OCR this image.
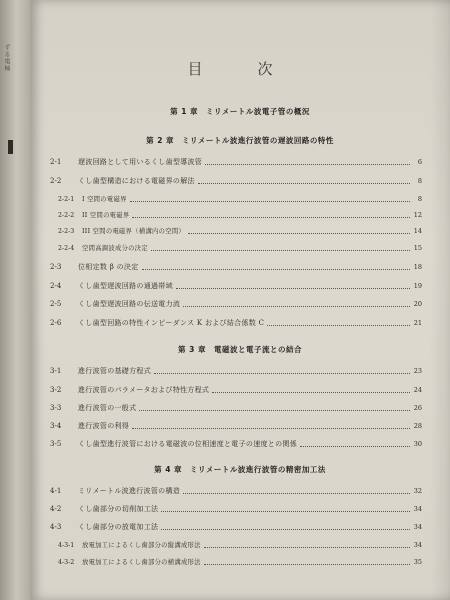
ずる電極	目　次
第 1 章　ミリメートル波電子管の概況
第 2 章　ミリメートル波進行波管の遅波回路の特性
2-1	遅波回路として用いるくし歯型導波管	6
2-2	くし歯型構造における電磁界の解法	8
2-2-1	I 空間の電磁界	8
2-2-2	II 空間の電磁界	12
2-2-3	III 空間の電磁界（横溝内の空間）	14
2-2-4	空間高調波成分の決定	15
2-3	位相定数 β の決定	18
2-4	くし歯型遅波回路の通過帯域	19
2-5	くし歯型遅波回路の伝送電力流	20
2-6	くし歯型回路の特性インピーダンス K および結合係数 C	21
第 3 章　電磁波と電子流との結合
3-1	進行波管の基礎方程式	23
3-2	進行波管のパラメータおよび特性方程式	24
3-3	進行波管の一般式	26
3-4	進行波管の利得	28
3-5	くし歯型進行波管における電磁波の位相速度と電子の速度との関係	30
第 4 章　ミリメートル波進行波管の精密加工法
4-1	ミリメートル波進行波管の構造	32
4-2	くし歯部分の切削加工法	34
4-3	くし歯部分の放電加工法	34
4-3-1	放電加工によるくし歯部分の縦溝成形法	34
4-3-2	放電加工によるくし歯部分の横溝成形法	35
